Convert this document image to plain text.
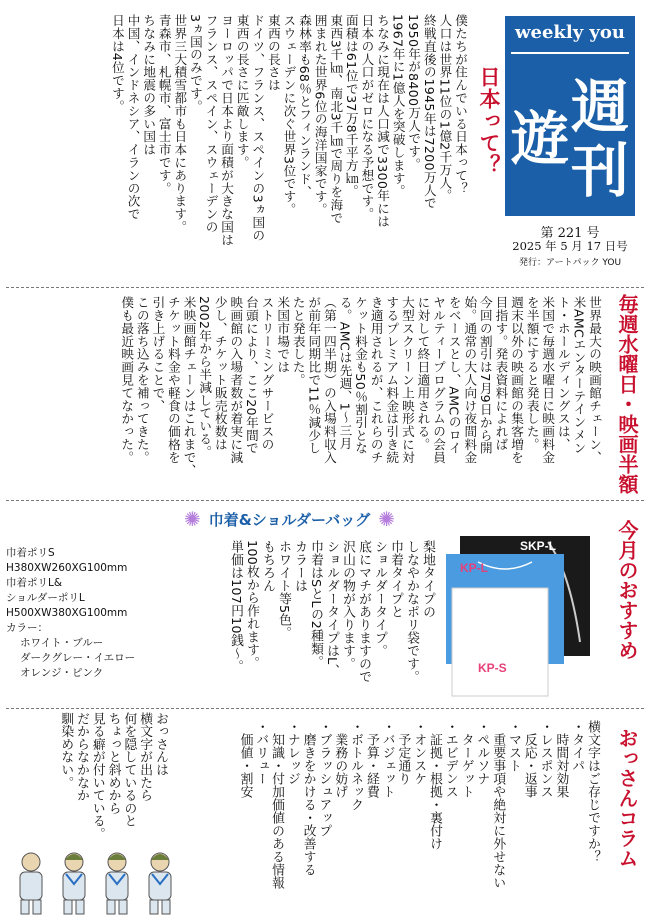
僕たちが住んでいる日本って？
人口は世界11位の1億2千万人。
終戦直後の1945年は7200万人で
1950年が8400万人です。
1967年に1億人を突破します。
ちなみに現在は人口減で3300年には
日本の人口がゼロになる予想です。
面積は61位で37万8千平方㎞。
東西3千㎞、南北3千㎞で周りを海で
囲まれた世界6位の海洋国家です。
森林率も68％とフィンランド、
スウェーデンに次ぐ世界3位です。
東西の長さは
ドイツ、フランス、スペインの3ヵ国の
東西の長さに匹敵します。
ヨーロッパで日本より面積が大きな国は
フランス、スペイン、スウェーデンの
3ヵ国のみです。
世界三大積雪都市も日本にあります。
青森市、札幌市、富士市です。
ちなみに地震の多い国は
中国、インドネシア、イランの次で
日本は4位です。
日本って？
weekly you
週
刊
遊
第 221 号
2025 年 5 月 17 日号
発行：アートパック YOU
世界最大の映画館チェーン、
米AMCエンターテインメン
ト・ホールディングスは、
米国で毎週水曜日に映画料金
を半額にすると発表した。
週末以外の映画館の集客増を
目指す。発表資料によれば
今回の割引は7月9日から開
始。通常の大人向け夜間料金
をベースとし、AMCのロイ
ヤルティープログラムの会員
に対して終日適用される。
大型スクリーン上映形式に対
するプレミアム料金は引き続
き適用されるが、これらのチ
ケット料金も50％割引とな
る。AMCは先週、1〜三月
（第一四半期）の入場料収入
が前年同期比で11％減少し
たと発表した。
米国市場では
ストリーミングサービスの
台頭により、ここ20年間で
映画館の入場者数が着実に減
少し、チケット販売枚数は
2002年から半減している。
米映画館チェーンはこれまで、
チケット料金や軽食の価格を
引き上げることで、
この落ち込みを補ってきた。
僕も最近映画見てなかった。	毎週水曜日・映画半額
✺ 巾着&ショルダーバッグ ✺
今月のおすすめ
SKP-L
KP-L
KP-S
梨地タイプの
しなやかなポリ袋です。
巾着タイプと
ショルダータイプ。
底にマチがありますので
沢山の物が入ります。
ショルダータイプはL、
巾着はSとLの2種類。
カラーは
ホワイト等5色。
もちろん
100枚から作れます。
単価は107円10銭〜。
巾着ポリS
H380XW260XG100mm
巾着ポリL&
ショルダーポリL
H500XW380XG100mm
カラー：
ホワイト・ブルー
ダークグレー・イエロー
オレンジ・ピンク
おっさんコラム
横文字はご存じですか？
・タイパ
　時間対効果
・レスポンス
　反応・返事
・マスト
　重要事項や絶対に外せない
・ペルソナ
　ターゲット
・エビデンス
　証拠・根拠・裏付け
・オンスケ
　予定通り
・バジェット
　予算・経費
・ボトルネック
　業務の妨げ
・ブラッシュアップ
　磨きをかける・改善する
・ナレッジ
　知識・付加価値のある情報
・バリュー
　価値・割安
おっさんは
横文字が出たら
何を隠しているのと
ちょっと斜めから
見る癖が付いている。
だからなかなか
馴染めない。
